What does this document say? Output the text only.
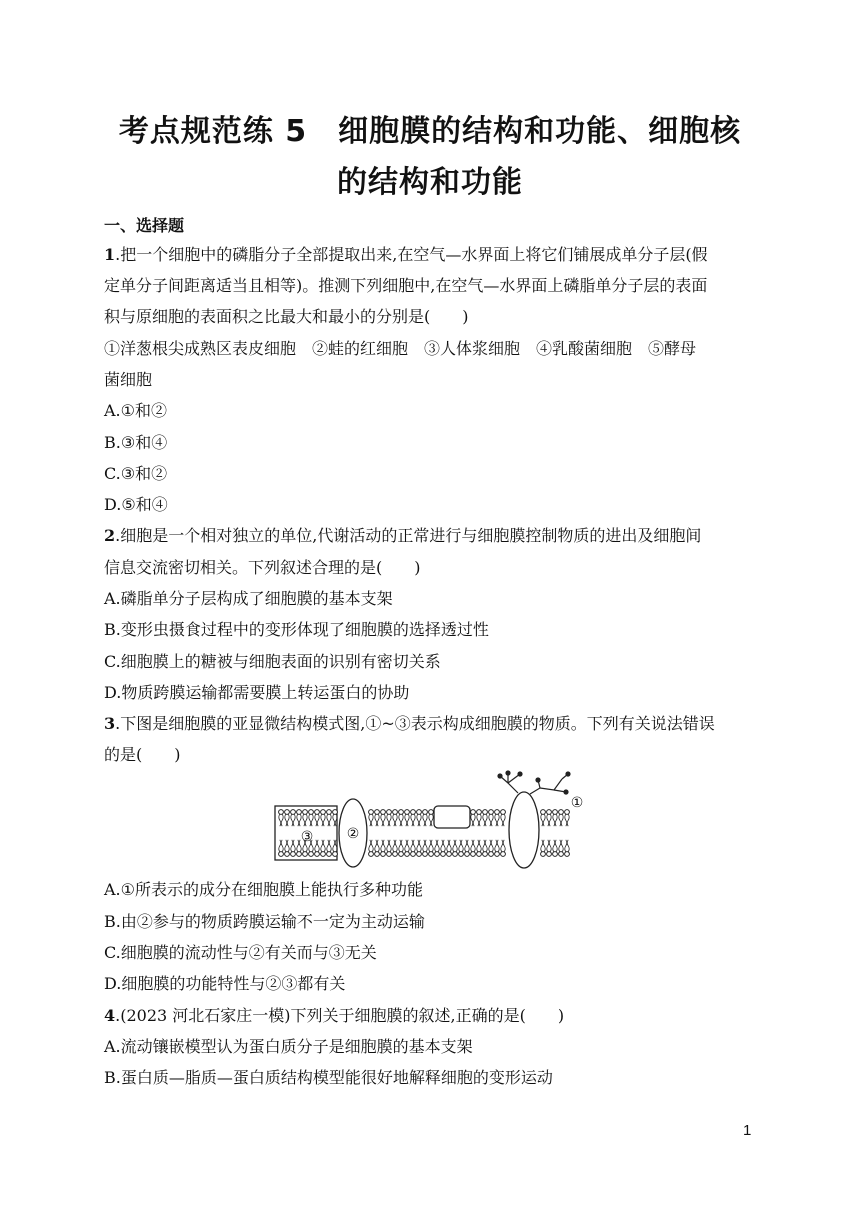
考点规范练 5　细胞膜的结构和功能、细胞核
的结构和功能
一、选择题
1.把一个细胞中的磷脂分子全部提取出来,在空气—水界面上将它们铺展成单分子层(假
定单分子间距离适当且相等)。推测下列细胞中,在空气—水界面上磷脂单分子层的表面
积与原细胞的表面积之比最大和最小的分别是(　　)
①洋葱根尖成熟区表皮细胞　②蛙的红细胞　③人体浆细胞　④乳酸菌细胞　⑤酵母
菌细胞
A.①和②
B.③和④
C.③和②
D.⑤和④
2.细胞是一个相对独立的单位,代谢活动的正常进行与细胞膜控制物质的进出及细胞间
信息交流密切相关。下列叙述合理的是(　　)
A.磷脂单分子层构成了细胞膜的基本支架
B.变形虫摄食过程中的变形体现了细胞膜的选择透过性
C.细胞膜上的糖被与细胞表面的识别有密切关系
D.物质跨膜运输都需要膜上转运蛋白的协助
3.下图是细胞膜的亚显微结构模式图,①~③表示构成细胞膜的物质。下列有关说法错误
的是(　　)
③ ②
①
A.①所表示的成分在细胞膜上能执行多种功能
B.由②参与的物质跨膜运输不一定为主动运输
C.细胞膜的流动性与②有关而与③无关
D.细胞膜的功能特性与②③都有关
4.(2023 河北石家庄一模)下列关于细胞膜的叙述,正确的是(　　)
A.流动镶嵌模型认为蛋白质分子是细胞膜的基本支架
B.蛋白质—脂质—蛋白质结构模型能很好地解释细胞的变形运动
1
